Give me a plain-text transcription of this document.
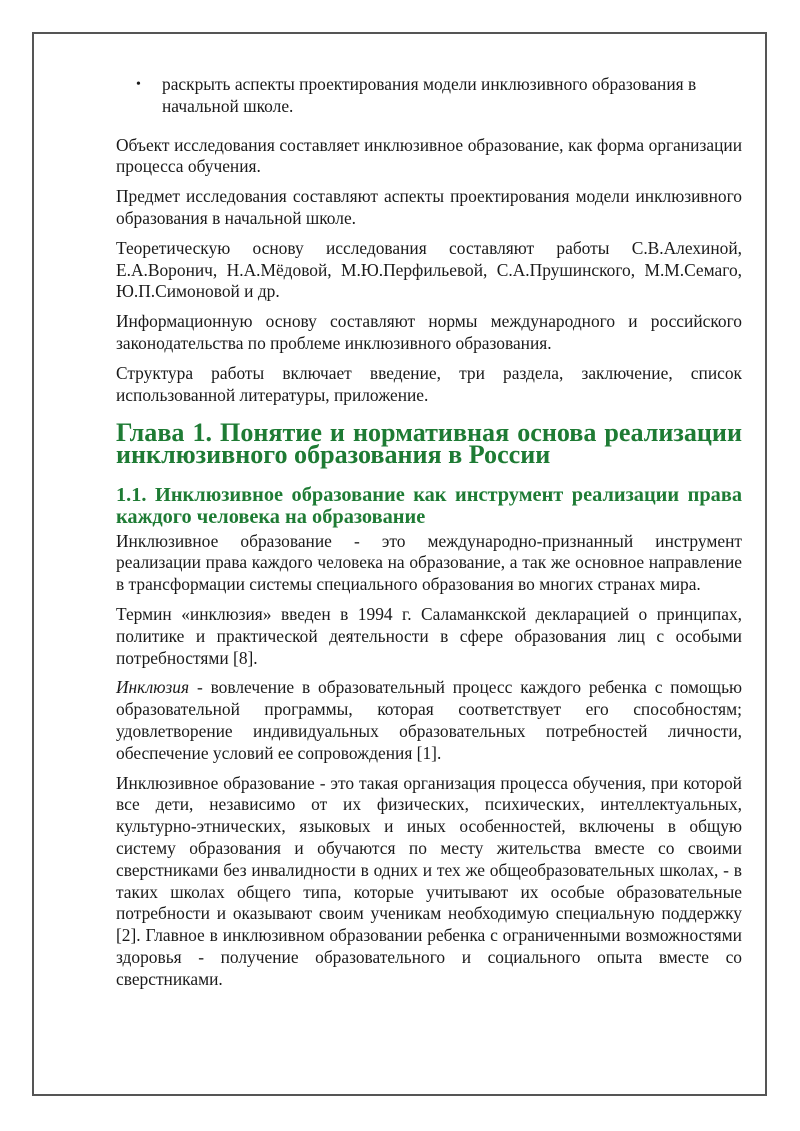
• раскрыть аспекты проектирования модели инклюзивного образования в начальной школе.

Объект исследования составляет инклюзивное образование, как форма организации процесса обучения.

Предмет исследования составляют аспекты проектирования модели инклюзивного образования в начальной школе.

Теоретическую основу исследования составляют работы С.В.Алехиной, Е.А.Воронич, Н.А.Мёдовой, М.Ю.Перфильевой, С.А.Прушинского, М.М.Семаго, Ю.П.Симоновой и др.

Информационную основу составляют нормы международного и российского законодательства по проблеме инклюзивного образования.

Структура работы включает введение, три раздела, заключение, список использованной литературы, приложение.

Глава 1. Понятие и нормативная основа реализации инклюзивного образования в России
1.1. Инклюзивное образование как инструмент реализации права каждого человека на образование

Инклюзивное образование - это международно-признанный инструмент реализации права каждого человека на образование, а так же основное направление в трансформации системы специального образования во многих странах мира.

Термин «инклюзия» введен в 1994 г. Саламанкской декларацией о принципах, политике и практической деятельности в сфере образования лиц с особыми потребностями [8].

Инклюзия - вовлечение в образовательный процесс каждого ребенка с помощью образовательной программы, которая соответствует его способностям; удовлетворение индивидуальных образовательных потребностей личности, обеспечение условий ее сопровождения [1].

Инклюзивное образование - это такая организация процесса обучения, при которой все дети, независимо от их физических, психических, интеллектуальных, культурно-этнических, языковых и иных особенностей, включены в общую систему образования и обучаются по месту жительства вместе со своими сверстниками без инвалидности в одних и тех же общеобразовательных школах, - в таких школах общего типа, которые учитывают их особые образовательные потребности и оказывают своим ученикам необходимую специальную поддержку [2]. Главное в инклюзивном образовании ребенка с ограниченными возможностями здоровья - получение образовательного и социального опыта вместе со сверстниками.
